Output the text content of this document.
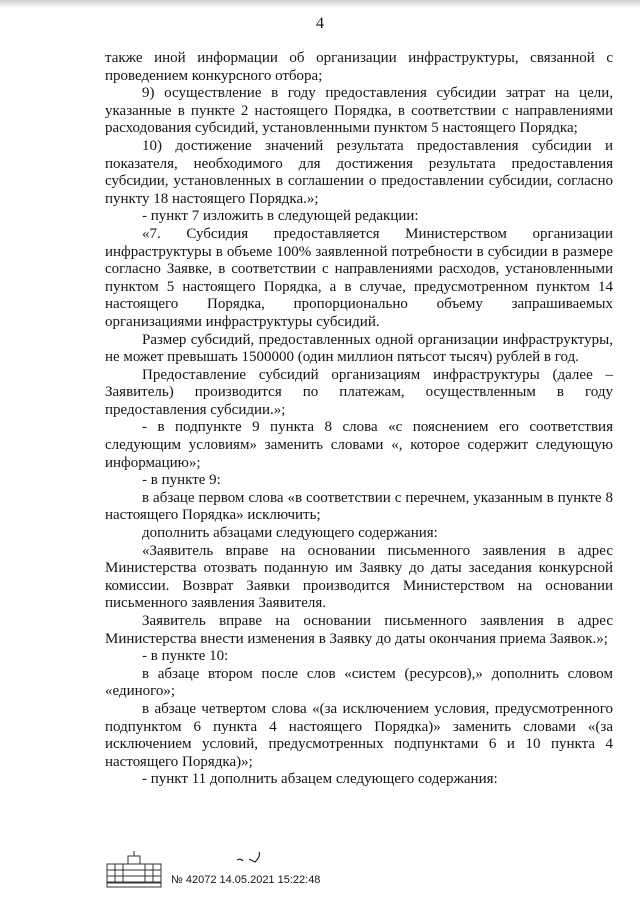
4

также иной информации об организации инфраструктуры, связанной с проведением конкурсного отбора;

9) осуществление в году предоставления субсидии затрат на цели, указанные в пункте 2 настоящего Порядка, в соответствии с направлениями расходования субсидий, установленными пунктом 5 настоящего Порядка;

10) достижение значений результата предоставления субсидии и показателя, необходимого для достижения результата предоставления субсидии, установленных в соглашении о предоставлении субсидии, согласно пункту 18 настоящего Порядка.»;

- пункт 7 изложить в следующей редакции:

«7. Субсидия предоставляется Министерством организации инфраструктуры в объеме 100% заявленной потребности в субсидии в размере согласно Заявке, в соответствии с направлениями расходов, установленными пунктом 5 настоящего Порядка, а в случае, предусмотренном пунктом 14 настоящего Порядка, пропорционально объему запрашиваемых организациями инфраструктуры субсидий.

Размер субсидий, предоставленных одной организации инфраструктуры, не может превышать 1500000 (один миллион пятьсот тысяч) рублей в год.

Предоставление субсидий организациям инфраструктуры (далее – Заявитель) производится по платежам, осуществленным в году предоставления субсидии.»;

- в подпункте 9 пункта 8 слова «с пояснением его соответствия следующим условиям» заменить словами «, которое содержит следующую информацию»;

- в пункте 9:

в абзаце первом слова «в соответствии с перечнем, указанным в пункте 8 настоящего Порядка» исключить;

дополнить абзацами следующего содержания:

«Заявитель вправе на основании письменного заявления в адрес Министерства отозвать поданную им Заявку до даты заседания конкурсной комиссии. Возврат Заявки производится Министерством на основании письменного заявления Заявителя.

Заявитель вправе на основании письменного заявления в адрес Министерства внести изменения в Заявку до даты окончания приема Заявок.»;

- в пункте 10:

в абзаце втором после слов «систем (ресурсов),» дополнить словом «единого»;

в абзаце четвертом слова «(за исключением условия, предусмотренного подпунктом 6 пункта 4 настоящего Порядка)» заменить словами «(за исключением условий, предусмотренных подпунктами 6 и 10 пункта 4 настоящего Порядка)»;

- пункт 11 дополнить абзацем следующего содержания:

№ 42072 14.05.2021 15:22:48
